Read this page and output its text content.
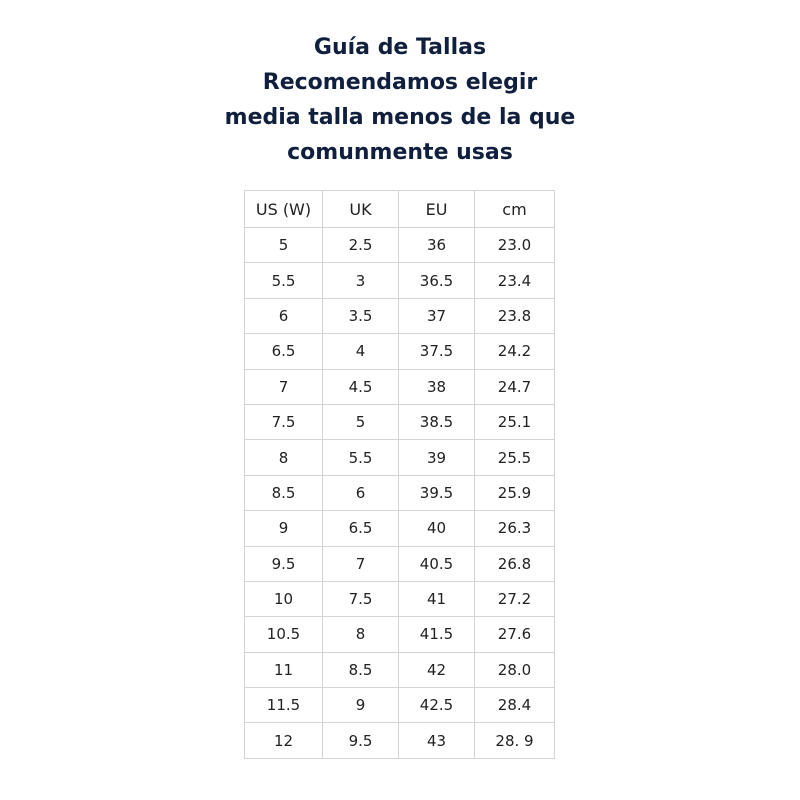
Guía de Tallas
Recomendamos elegir
media talla menos de la que
comunmente usas
US (W)	UK	EU	cm
5	2.5	36	23.0
5.5	3	36.5	23.4
6	3.5	37	23.8
6.5	4	37.5	24.2
7	4.5	38	24.7
7.5	5	38.5	25.1
8	5.5	39	25.5
8.5	6	39.5	25.9
9	6.5	40	26.3
9.5	7	40.5	26.8
10	7.5	41	27.2
10.5	8	41.5	27.6
11	8.5	42	28.0
11.5	9	42.5	28.4
12	9.5	43	28. 9
